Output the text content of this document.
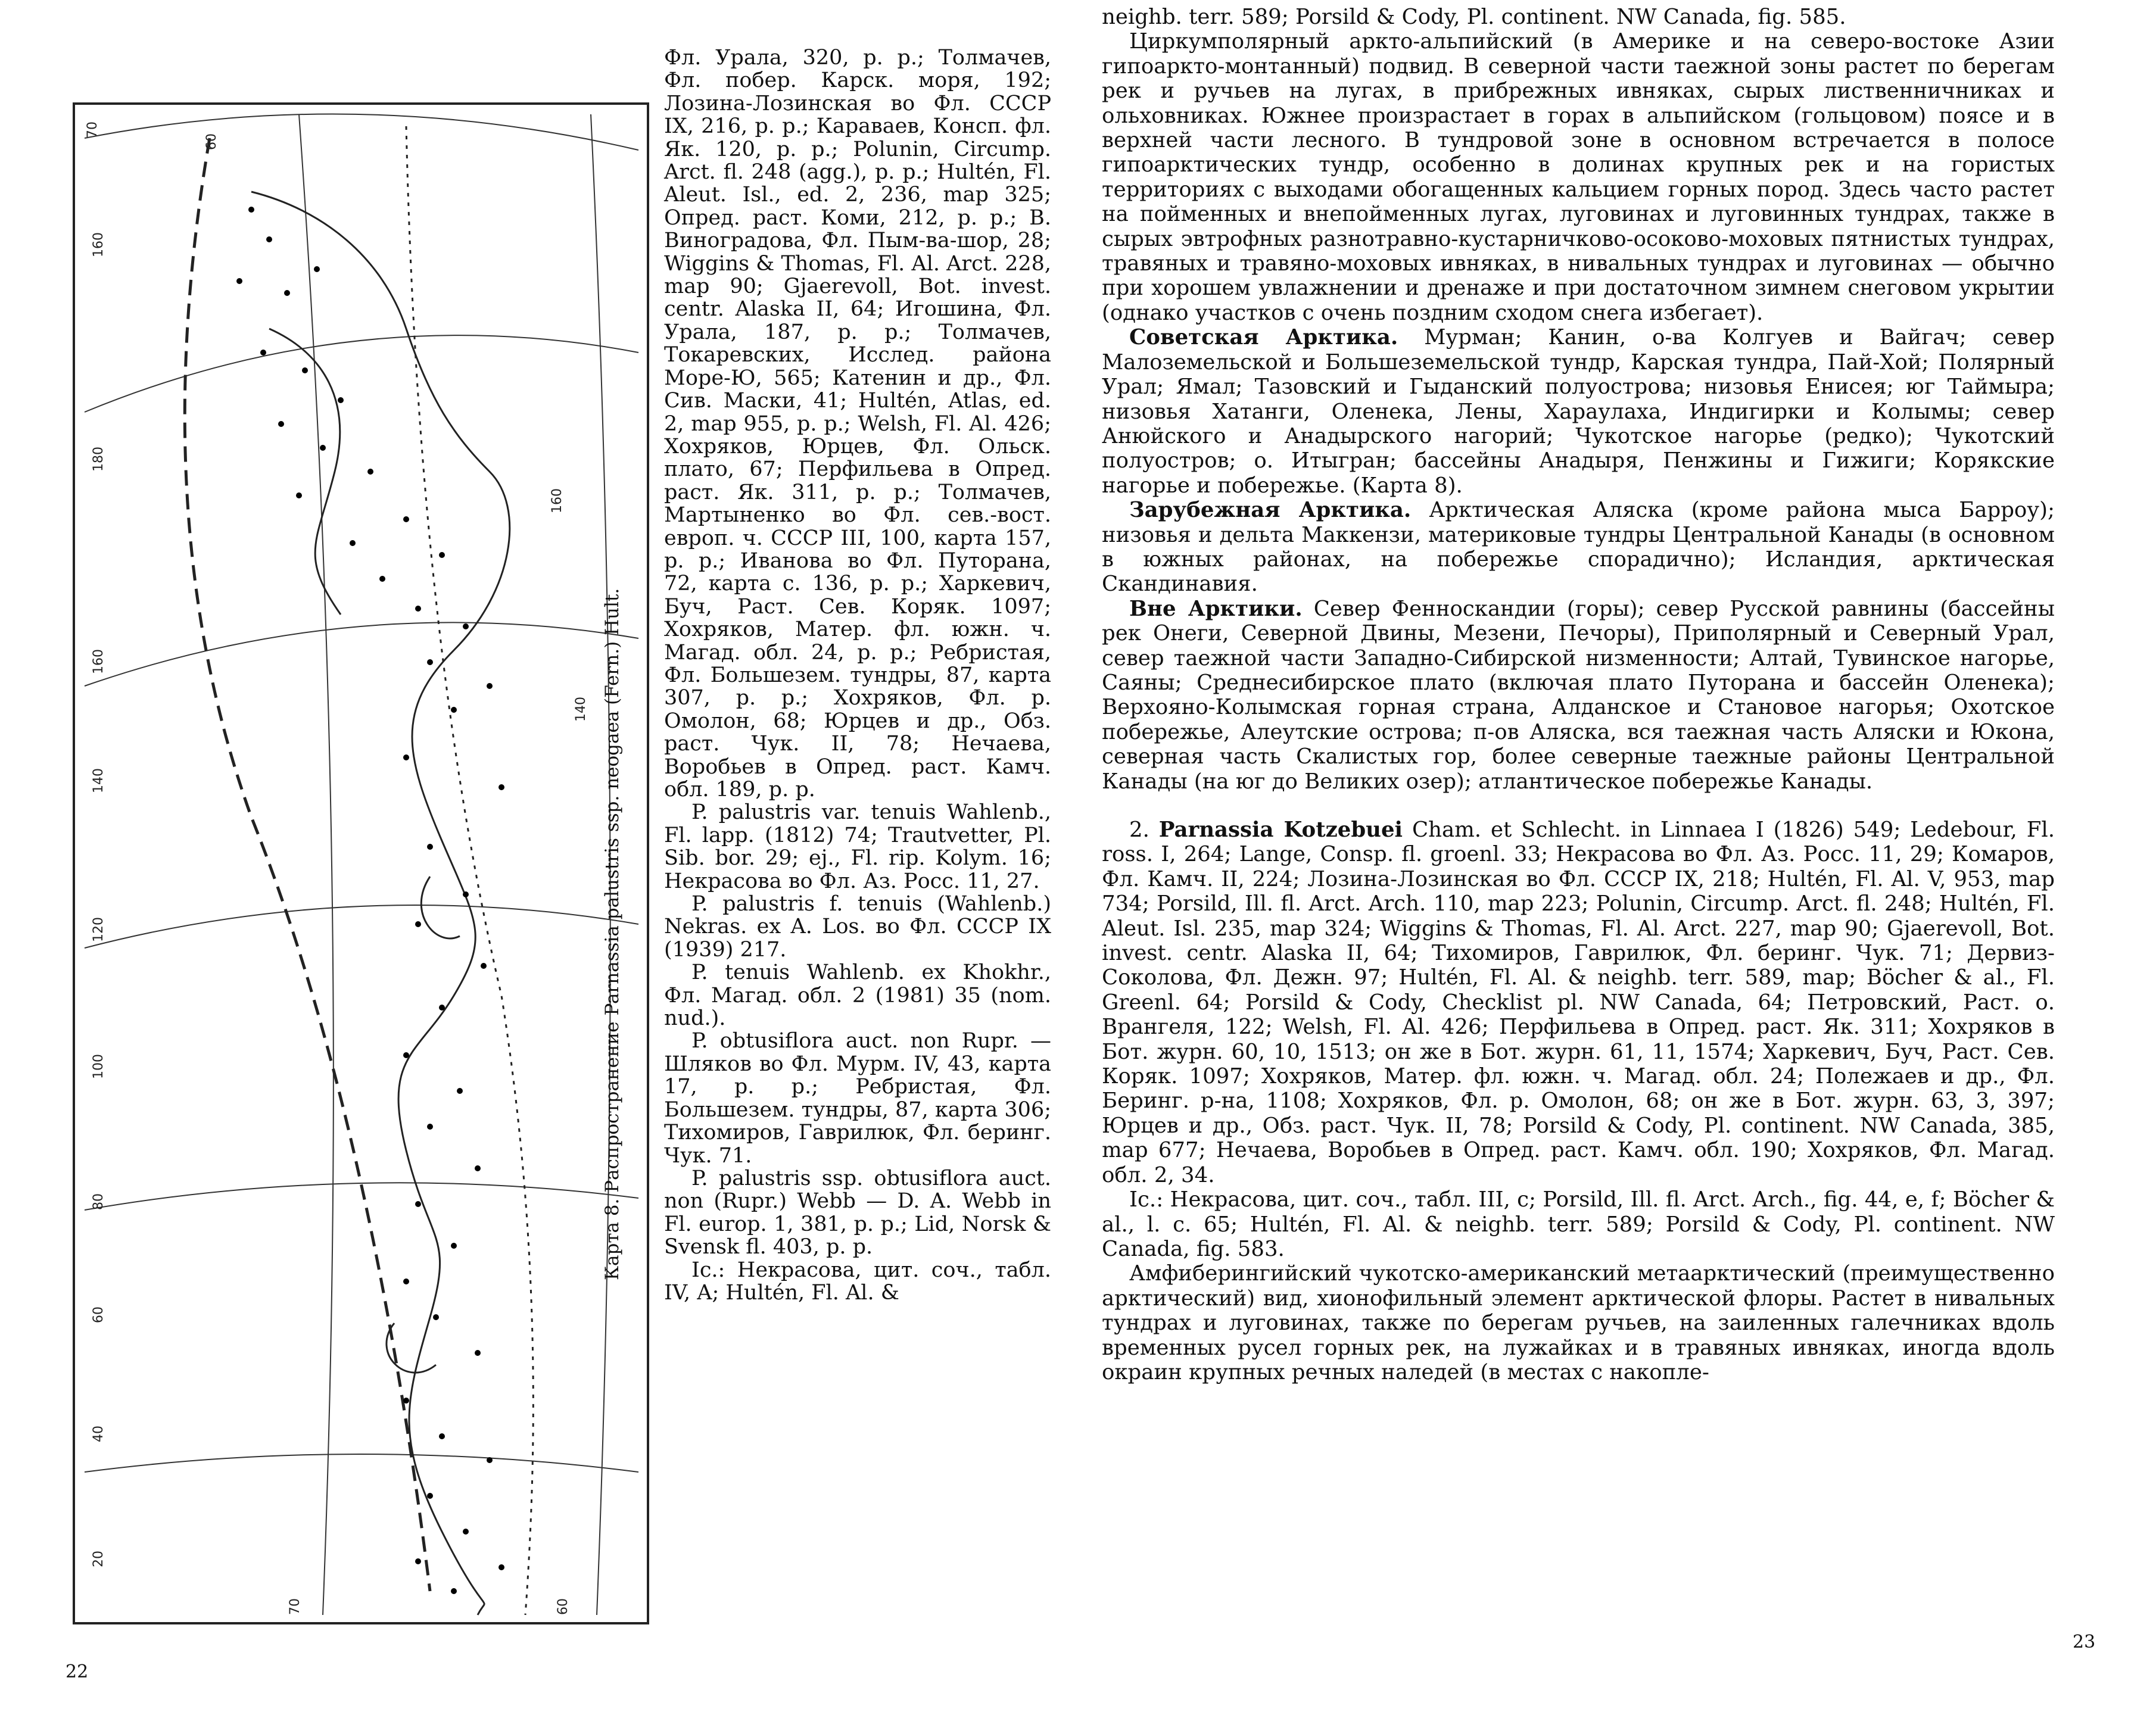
70
60
160
180
160
140
120
100
80
60
40
20
160
140
70	60
Карта 8. Распространение Parnassia palustris ssp. neogaea (Fern.) Hult.
22

Фл. Урала, 320, р. р.; Толмачев, Фл. побер. Карск. моря, 192; Лозина-Лозинская во Фл. СССР IX, 216, р. р.; Караваев, Консп. фл. Як. 120, р. р.; Polunin, Circump. Arct. fl. 248 (agg.), р. р.; Hultén, Fl. Aleut. Isl., ed. 2, 236, map 325; Опред. раст. Коми, 212, р. р.; В. Виноградова, Фл. Пым-ва-шор, 28; Wiggins & Thomas, Fl. Al. Arct. 228, map 90; Gjaerevoll, Bot. invest. centr. Alaska II, 64; Игошина, Фл. Урала, 187, р. р.; Толмачев, Токаревских, Исслед. района Море-Ю, 565; Катенин и др., Фл. Сив. Маски, 41; Hultén, Atlas, ed. 2, map 955, р. р.; Welsh, Fl. Al. 426; Хохряков, Юрцев, Фл. Ольск. плато, 67; Перфильева в Опред. раст. Як. 311, р. р.; Толмачев, Мартыненко во Фл. сев.-вост. европ. ч. СССР III, 100, карта 157, р. р.; Иванова во Фл. Путорана, 72, карта с. 136, р. р.; Харкевич, Буч, Раст. Сев. Коряк. 1097; Хохряков, Матер. фл. южн. ч. Магад. обл. 24, р. р.; Ребристая, Фл. Большезем. тундры, 87, карта 307, р. р.; Хохряков, Фл. р. Омолон, 68; Юрцев и др., Обз. раст. Чук. II, 78; Нечаева, Воробьев в Опред. раст. Камч. обл. 189, р. р.

P. palustris var. tenuis Wahlenb., Fl. lapp. (1812) 74; Trautvetter, Pl. Sib. bor. 29; ej., Fl. rip. Kolym. 16; Некрасова во Фл. Аз. Росс. 11, 27.

P. palustris f. tenuis (Wahlenb.) Nekras. ex A. Los. во Фл. СССР IX (1939) 217.

P. tenuis Wahlenb. ex Khokhr., Фл. Магад. обл. 2 (1981) 35 (nom. nud.).

P. obtusiflora auct. non Rupr. — Шляков во Фл. Мурм. IV, 43, карта 17, р. р.; Ребристая, Фл. Большезем. тундры, 87, карта 306; Тихомиров, Гаврилюк, Фл. беринг. Чук. 71.

P. palustris ssp. obtusiflora auct. non (Rupr.) Webb — D. A. Webb in Fl. europ. 1, 381, р. р.; Lid, Norsk & Svensk fl. 403, р. р.

Ic.: Некрасова, цит. соч., табл. IV, A; Hultén, Fl. Al. &

neighb. terr. 589; Porsild & Cody, Pl. continent. NW Canada, fig. 585.

Циркумполярный аркто-альпийский (в Америке и на северо-востоке Азии гипоаркто-монтанный) подвид. В северной части таежной зоны растет по берегам рек и ручьев на лугах, в прибрежных ивняках, сырых лиственничниках и ольховниках. Южнее произрастает в горах в альпийском (гольцовом) поясе и в верхней части лесного. В тундровой зоне в основном встречается в полосе гипоарктических тундр, особенно в долинах крупных рек и на гористых территориях с выходами обогащенных кальцием горных пород. Здесь часто растет на пойменных и внепойменных лугах, луговинах и луговинных тундрах, также в сырых эвтрофных разнотравно-кустарничково-осоково-моховых пятнистых тундрах, травяных и травяно-моховых ивняках, в нивальных тундрах и луговинах — обычно при хорошем увлажнении и дренаже и при достаточном зимнем снеговом укрытии (однако участков с очень поздним сходом снега избегает).

Советская Арктика. Мурман; Канин, о-ва Колгуев и Вайгач; север Малоземельской и Большеземельской тундр, Карская тундра, Пай-Хой; Полярный Урал; Ямал; Тазовский и Гыданский полуострова; низовья Енисея; юг Таймыра; низовья Хатанги, Оленека, Лены, Хараулаха, Индигирки и Колымы; север Анюйского и Анадырского нагорий; Чукотское нагорье (редко); Чукотский полуостров; о. Итыгран; бассейны Анадыря, Пенжины и Гижиги; Корякские нагорье и побережье. (Карта 8).

Зарубежная Арктика. Арктическая Аляска (кроме района мыса Барроу); низовья и дельта Маккензи, материковые тундры Центральной Канады (в основном в южных районах, на побережье спорадично); Исландия, арктическая Скандинавия.

Вне Арктики. Север Фенноскандии (горы); север Русской равнины (бассейны рек Онеги, Северной Двины, Мезени, Печоры), Приполярный и Северный Урал, север таежной части Западно-Сибирской низменности; Алтай, Тувинское нагорье, Саяны; Среднесибирское плато (включая плато Путорана и бассейн Оленека); Верхояно-Колымская горная страна, Алданское и Становое нагорья; Охотское побережье, Алеутские острова; п-ов Аляска, вся таежная часть Аляски и Юкона, северная часть Скалистых гор, более северные таежные районы Центральной Канады (на юг до Великих озер); атлантическое побережье Канады.

2. Parnassia Kotzebuei Cham. et Schlecht. in Linnaea I (1826) 549; Ledebour, Fl. ross. I, 264; Lange, Consp. fl. groenl. 33; Некрасова во Фл. Аз. Росс. 11, 29; Комаров, Фл. Камч. II, 224; Лозина-Лозинская во Фл. СССР IX, 218; Hultén, Fl. Al. V, 953, map 734; Porsild, Ill. fl. Arct. Arch. 110, map 223; Polunin, Circump. Arct. fl. 248; Hultén, Fl. Aleut. Isl. 235, map 324; Wiggins & Thomas, Fl. Al. Arct. 227, map 90; Gjaerevoll, Bot. invest. centr. Alaska II, 64; Тихомиров, Гаврилюк, Фл. беринг. Чук. 71; Дервиз-Соколова, Фл. Дежн. 97; Hultén, Fl. Al. & neighb. terr. 589, map; Böcher & al., Fl. Greenl. 64; Porsild & Cody, Checklist pl. NW Canada, 64; Петровский, Раст. о. Врангеля, 122; Welsh, Fl. Al. 426; Перфильева в Опред. раст. Як. 311; Хохряков в Бот. журн. 60, 10, 1513; он же в Бот. журн. 61, 11, 1574; Харкевич, Буч, Раст. Сев. Коряк. 1097; Хохряков, Матер. фл. южн. ч. Магад. обл. 24; Полежаев и др., Фл. Беринг. р-на, 1108; Хохряков, Фл. р. Омолон, 68; он же в Бот. журн. 63, 3, 397; Юрцев и др., Обз. раст. Чук. II, 78; Porsild & Cody, Pl. continent. NW Canada, 385, map 677; Нечаева, Воробьев в Опред. раст. Камч. обл. 190; Хохряков, Фл. Магад. обл. 2, 34.

Ic.: Некрасова, цит. соч., табл. III, с; Porsild, Ill. fl. Arct. Arch., fig. 44, e, f; Böcher & al., l. c. 65; Hultén, Fl. Al. & neighb. terr. 589; Porsild & Cody, Pl. continent. NW Canada, fig. 583.

Амфиберингийский чукотско-американский метаарктический (преимущественно арктический) вид, хионофильный элемент арктической флоры. Растет в нивальных тундрах и луговинах, также по берегам ручьев, на заиленных галечниках вдоль временных русел горных рек, на лужайках и в травяных ивняках, иногда вдоль окраин крупных речных наледей (в местах с накопле-

23
